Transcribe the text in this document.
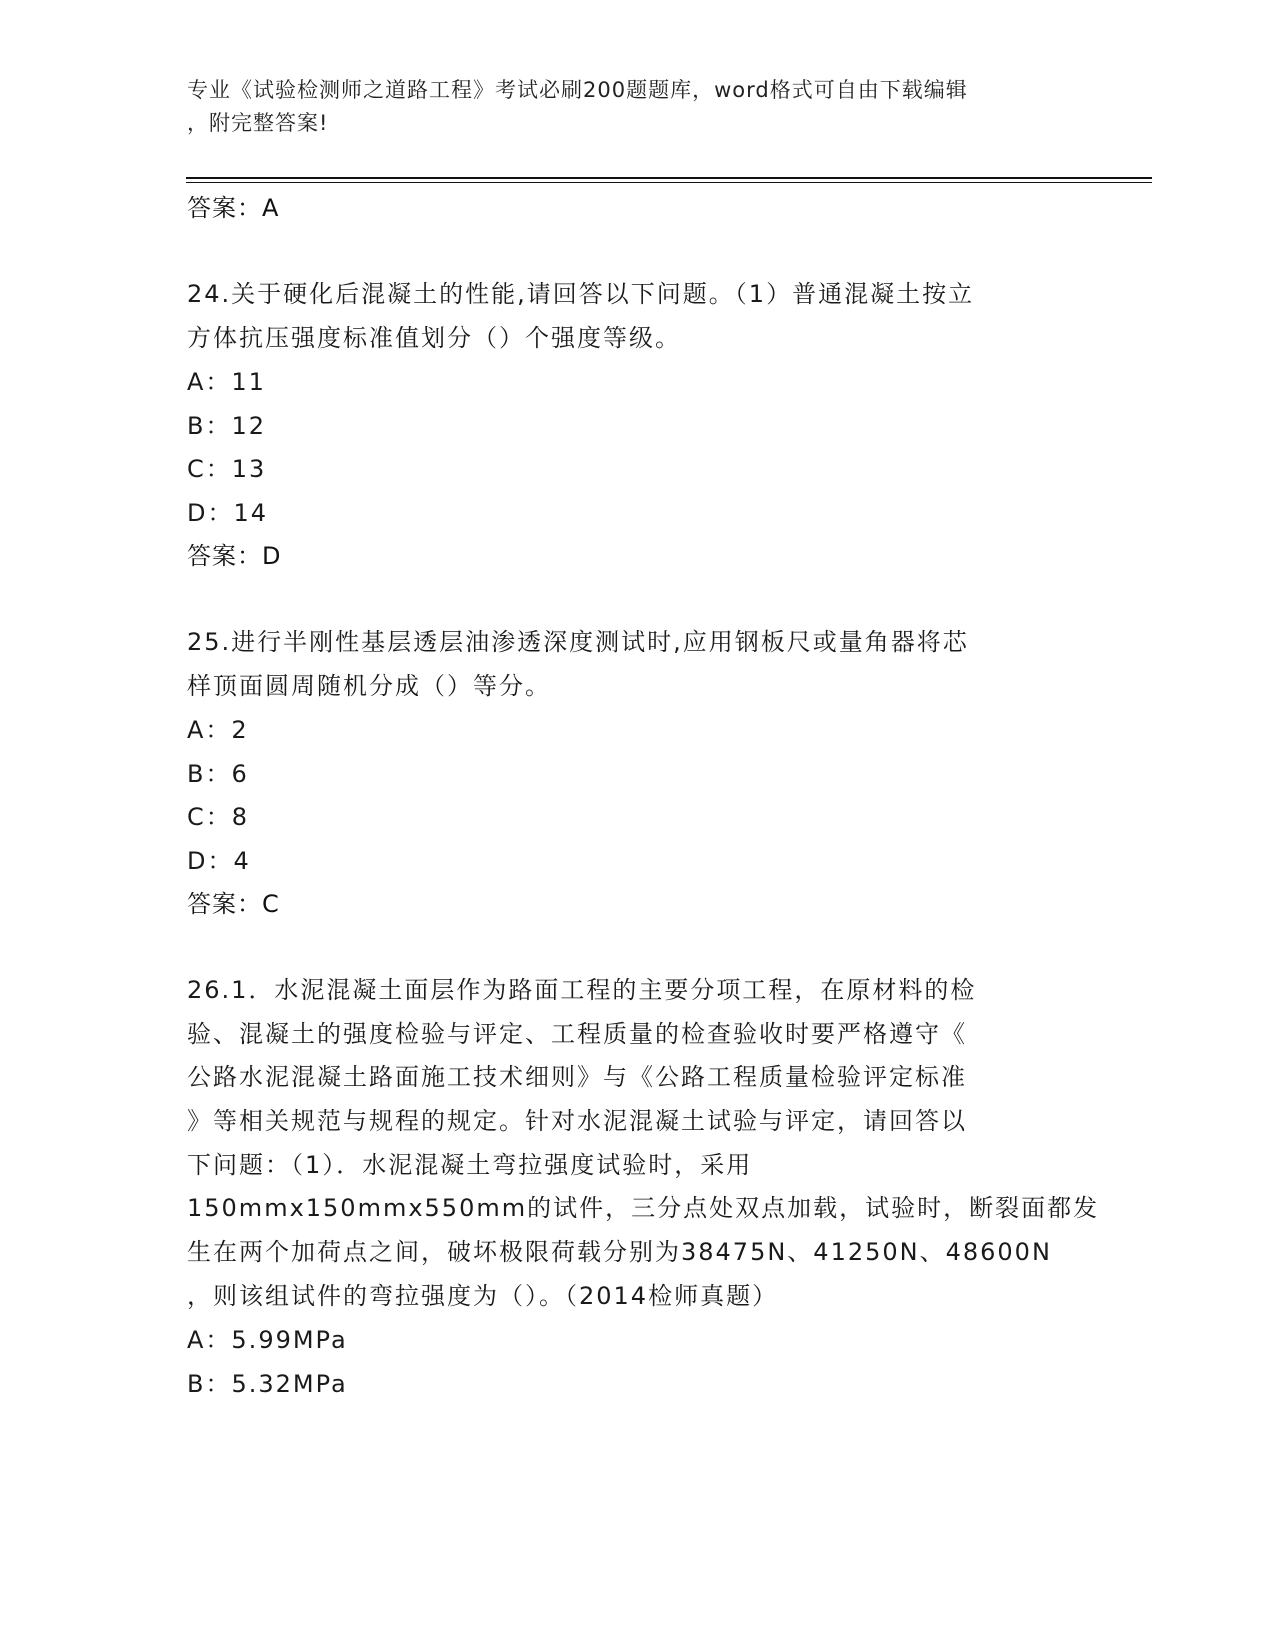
专业《试验检测师之道路工程》考试必刷200题题库，word格式可自由下载编辑
，附完整答案!
答案：A
24.关于硬化后混凝土的性能,请回答以下问题。（1）普通混凝土按立
方体抗压强度标准值划分（）个强度等级。
A：11
B：12
C：13
D：14
答案：D
25.进行半刚性基层透层油渗透深度测试时,应用钢板尺或量角器将芯
样顶面圆周随机分成（）等分。
A：2
B：6
C：8
D：4
答案：C
26.1．水泥混凝土面层作为路面工程的主要分项工程，在原材料的检
验、混凝土的强度检验与评定、工程质量的检查验收时要严格遵守《
公路水泥混凝土路面施工技术细则》与《公路工程质量检验评定标准
》等相关规范与规程的规定。针对水泥混凝土试验与评定，请回答以
下问题：（1）．水泥混凝土弯拉强度试验时，采用
150mmx150mmx550mm的试件，三分点处双点加载，试验时，断裂面都发
生在两个加荷点之间，破坏极限荷载分别为38475N、41250N、48600N
，则该组试件的弯拉强度为（）。（2014检师真题）
A：5.99MPa
B：5.32MPa
